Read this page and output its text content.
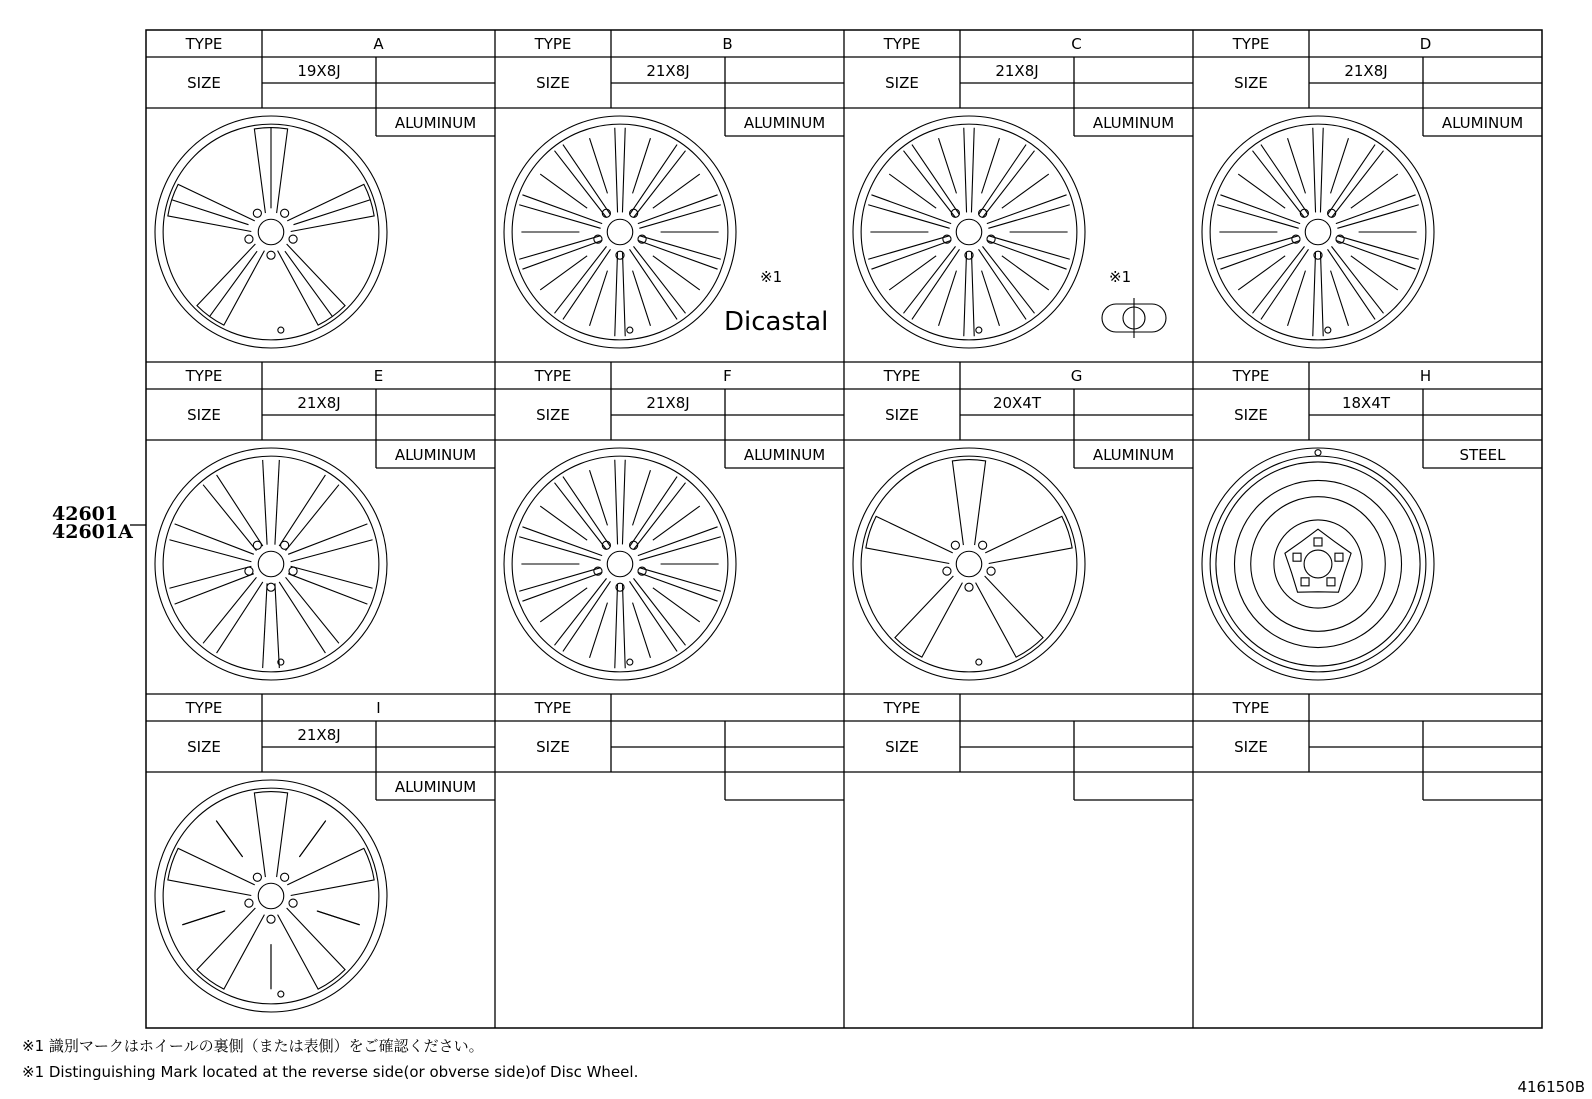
TYPE
SIZE
A
19X8J
ALUMINUM
TYPE
SIZE
B
21X8J
ALUMINUM
※1
Dicastal
TYPE
SIZE
C
21X8J
ALUMINUM
※1
TYPE
SIZE
D
21X8J
ALUMINUM
TYPE
SIZE
E
21X8J
ALUMINUM
TYPE
SIZE
F
21X8J
ALUMINUM
TYPE
SIZE
G
20X4T
ALUMINUM
TYPE
SIZE
H
18X4T
STEEL
TYPE
SIZE
I
21X8J
ALUMINUM
TYPE
SIZE
TYPE
SIZE
TYPE
SIZE
42601
42601A
※1 識別マークはホイールの裏側（または表側）をご確認ください。
※1 Distinguishing Mark located at the reverse side(or obverse side)of Disc Wheel.
416150B
